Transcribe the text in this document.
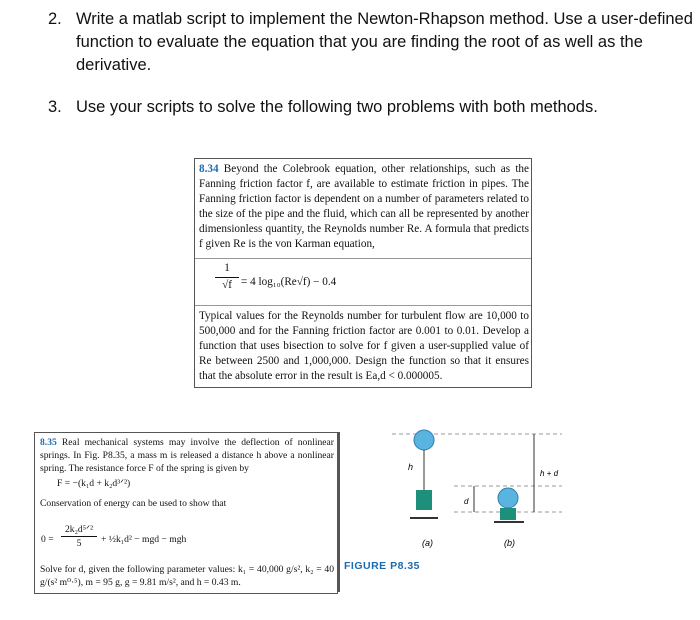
2. Write a matlab script to implement the Newton-Rhapson method. Use a user-defined function to evaluate the equation that you are finding the root of as well as the derivative.
3. Use your scripts to solve the following two problems with both methods.
8.34 Beyond the Colebrook equation, other relationships, such as the Fanning friction factor f, are available to estimate friction in pipes. The Fanning friction factor is dependent on a number of parameters related to the size of the pipe and the fluid, which can all be represented by another dimensionless quantity, the Reynolds number Re. A formula that predicts f given Re is the von Karman equation,
$\frac{1}{√f}$
= 4 log₁₀(Re√f) − 0.4
Typical values for the Reynolds number for turbulent flow are 10,000 to 500,000 and for the Fanning friction factor are 0.001 to 0.01. Develop a function that uses bisection to solve for f given a user-supplied value of Re between 2500 and 1,000,000. Design the function so that it ensures that the absolute error in the result is Ea,d < 0.000005.
8.35 Real mechanical systems may involve the deflection of nonlinear springs. In Fig. P8.35, a mass m is released a distance h above a nonlinear spring. The resistance force F of the spring is given by
F = −(k₁d + k₂d³ᐟ²)
Conservation of energy can be used to show that
0 =
2k₂d⁵ᐟ²
5	+ ½k₁d² − mgd − mgh
Solve for d, given the following parameter values: k₁ = 40,000 g/s², k₂ = 40 g/(s² m⁰·⁵), m = 95 g, g = 9.81 m/s², and h = 0.43 m.
h
(a)
h + d
d
(b)
FIGURE P8.35
